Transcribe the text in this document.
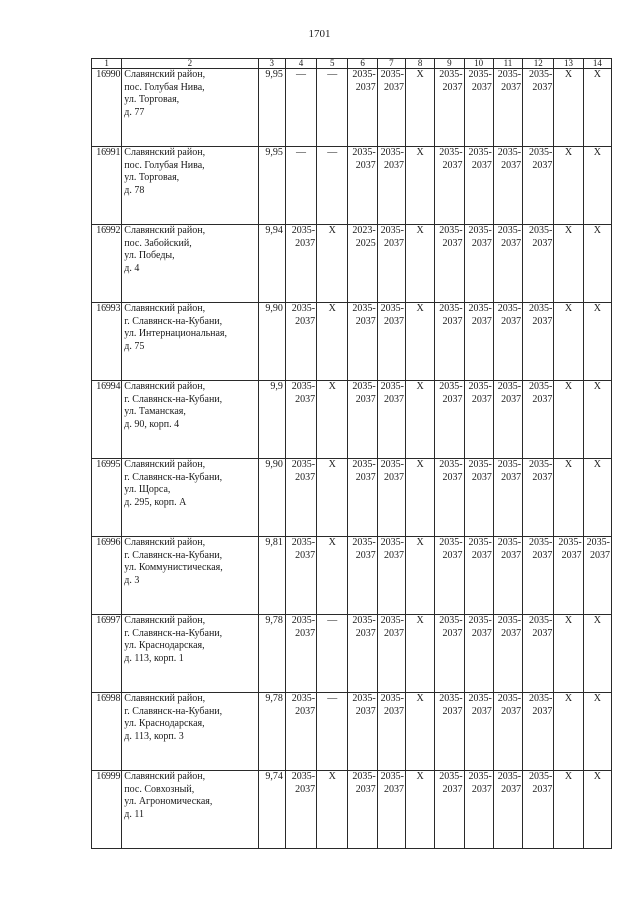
1701
1	2	3	4	5	6	7	8	9	10	11	12	13	14
16990	Славянский район,
пос. Голубая Нива,
ул. Торговая,
д. 77	9,95	—	—	2035-
2037	2035-
2037	X	2035-
2037	2035-
2037	2035-
2037	2035-
2037	X	X
16991	Славянский район,
пос. Голубая Нива,
ул. Торговая,
д. 78	9,95	—	—	2035-
2037	2035-
2037	X	2035-
2037	2035-
2037	2035-
2037	2035-
2037	X	X
16992	Славянский район,
пос. Забойский,
ул. Победы,
д. 4	9,94	2035-
2037	X	2023-
2025	2035-
2037	X	2035-
2037	2035-
2037	2035-
2037	2035-
2037	X	X
16993	Славянский район,
г. Славянск-на-Кубани,
ул. Интернациональная,
д. 75	9,90	2035-
2037	X	2035-
2037	2035-
2037	X	2035-
2037	2035-
2037	2035-
2037	2035-
2037	X	X
16994	Славянский район,
г. Славянск-на-Кубани,
ул. Таманская,
д. 90, корп. 4	9,9	2035-
2037	X	2035-
2037	2035-
2037	X	2035-
2037	2035-
2037	2035-
2037	2035-
2037	X	X
16995	Славянский район,
г. Славянск-на-Кубани,
ул. Щорса,
д. 295, корп. А	9,90	2035-
2037	X	2035-
2037	2035-
2037	X	2035-
2037	2035-
2037	2035-
2037	2035-
2037	X	X
16996	Славянский район,
г. Славянск-на-Кубани,
ул. Коммунистическая,
д. 3	9,81	2035-
2037	X	2035-
2037	2035-
2037	X	2035-
2037	2035-
2037	2035-
2037	2035-
2037	2035-
2037	2035-
2037

16997	Славянский район,
г. Славянск-на-Кубани,
ул. Краснодарская,
д. 113, корп. 1	9,78	2035-
2037	—	2035-
2037	2035-
2037	X	2035-
2037	2035-
2037	2035-
2037	2035-
2037	X	X
16998	Славянский район,
г. Славянск-на-Кубани,
ул. Краснодарская,
д. 113, корп. 3	9,78	2035-
2037	—	2035-
2037	2035-
2037	X	2035-
2037	2035-
2037	2035-
2037	2035-
2037	X	X
16999	Славянский район,
пос. Совхозный,
ул. Агрономическая,
д. 11	9,74	2035-
2037	X	2035-
2037	2035-
2037	X	2035-
2037	2035-
2037	2035-
2037	2035-
2037	X	X
